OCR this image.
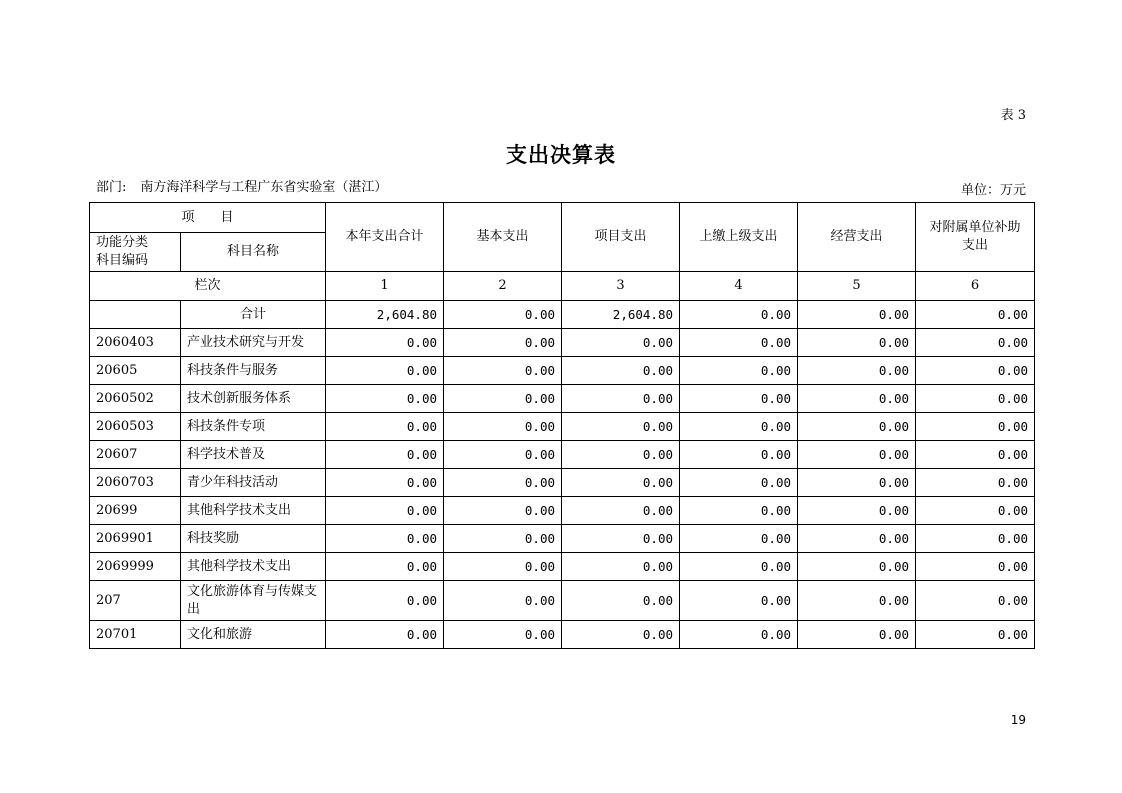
表 3
支出决算表
部门: 南方海洋科学与工程广东省实验室（湛江）	单位：万元
项　　目		本年支出合计	基本支出	项目支出	上缴上级支出	经营支出	对附属单位补助
支出
功能分类
科目编码	科目名称						
栏次		1	2	3	4	5	6
	合计	2,604.80	0.00	2,604.80	0.00	0.00	0.00
2060403	产业技术研究与开发	0.00	0.00	0.00	0.00	0.00	0.00
20605	科技条件与服务	0.00	0.00	0.00	0.00	0.00	0.00
2060502	技术创新服务体系	0.00	0.00	0.00	0.00	0.00	0.00
2060503	科技条件专项	0.00	0.00	0.00	0.00	0.00	0.00
20607	科学技术普及	0.00	0.00	0.00	0.00	0.00	0.00
2060703	青少年科技活动	0.00	0.00	0.00	0.00	0.00	0.00
20699	其他科学技术支出	0.00	0.00	0.00	0.00	0.00	0.00
2069901	科技奖励	0.00	0.00	0.00	0.00	0.00	0.00
2069999	其他科学技术支出	0.00	0.00	0.00	0.00	0.00	0.00
207	文化旅游体育与传媒支出	0.00	0.00	0.00	0.00	0.00	0.00
20701	文化和旅游	0.00	0.00	0.00	0.00	0.00	0.00
19
